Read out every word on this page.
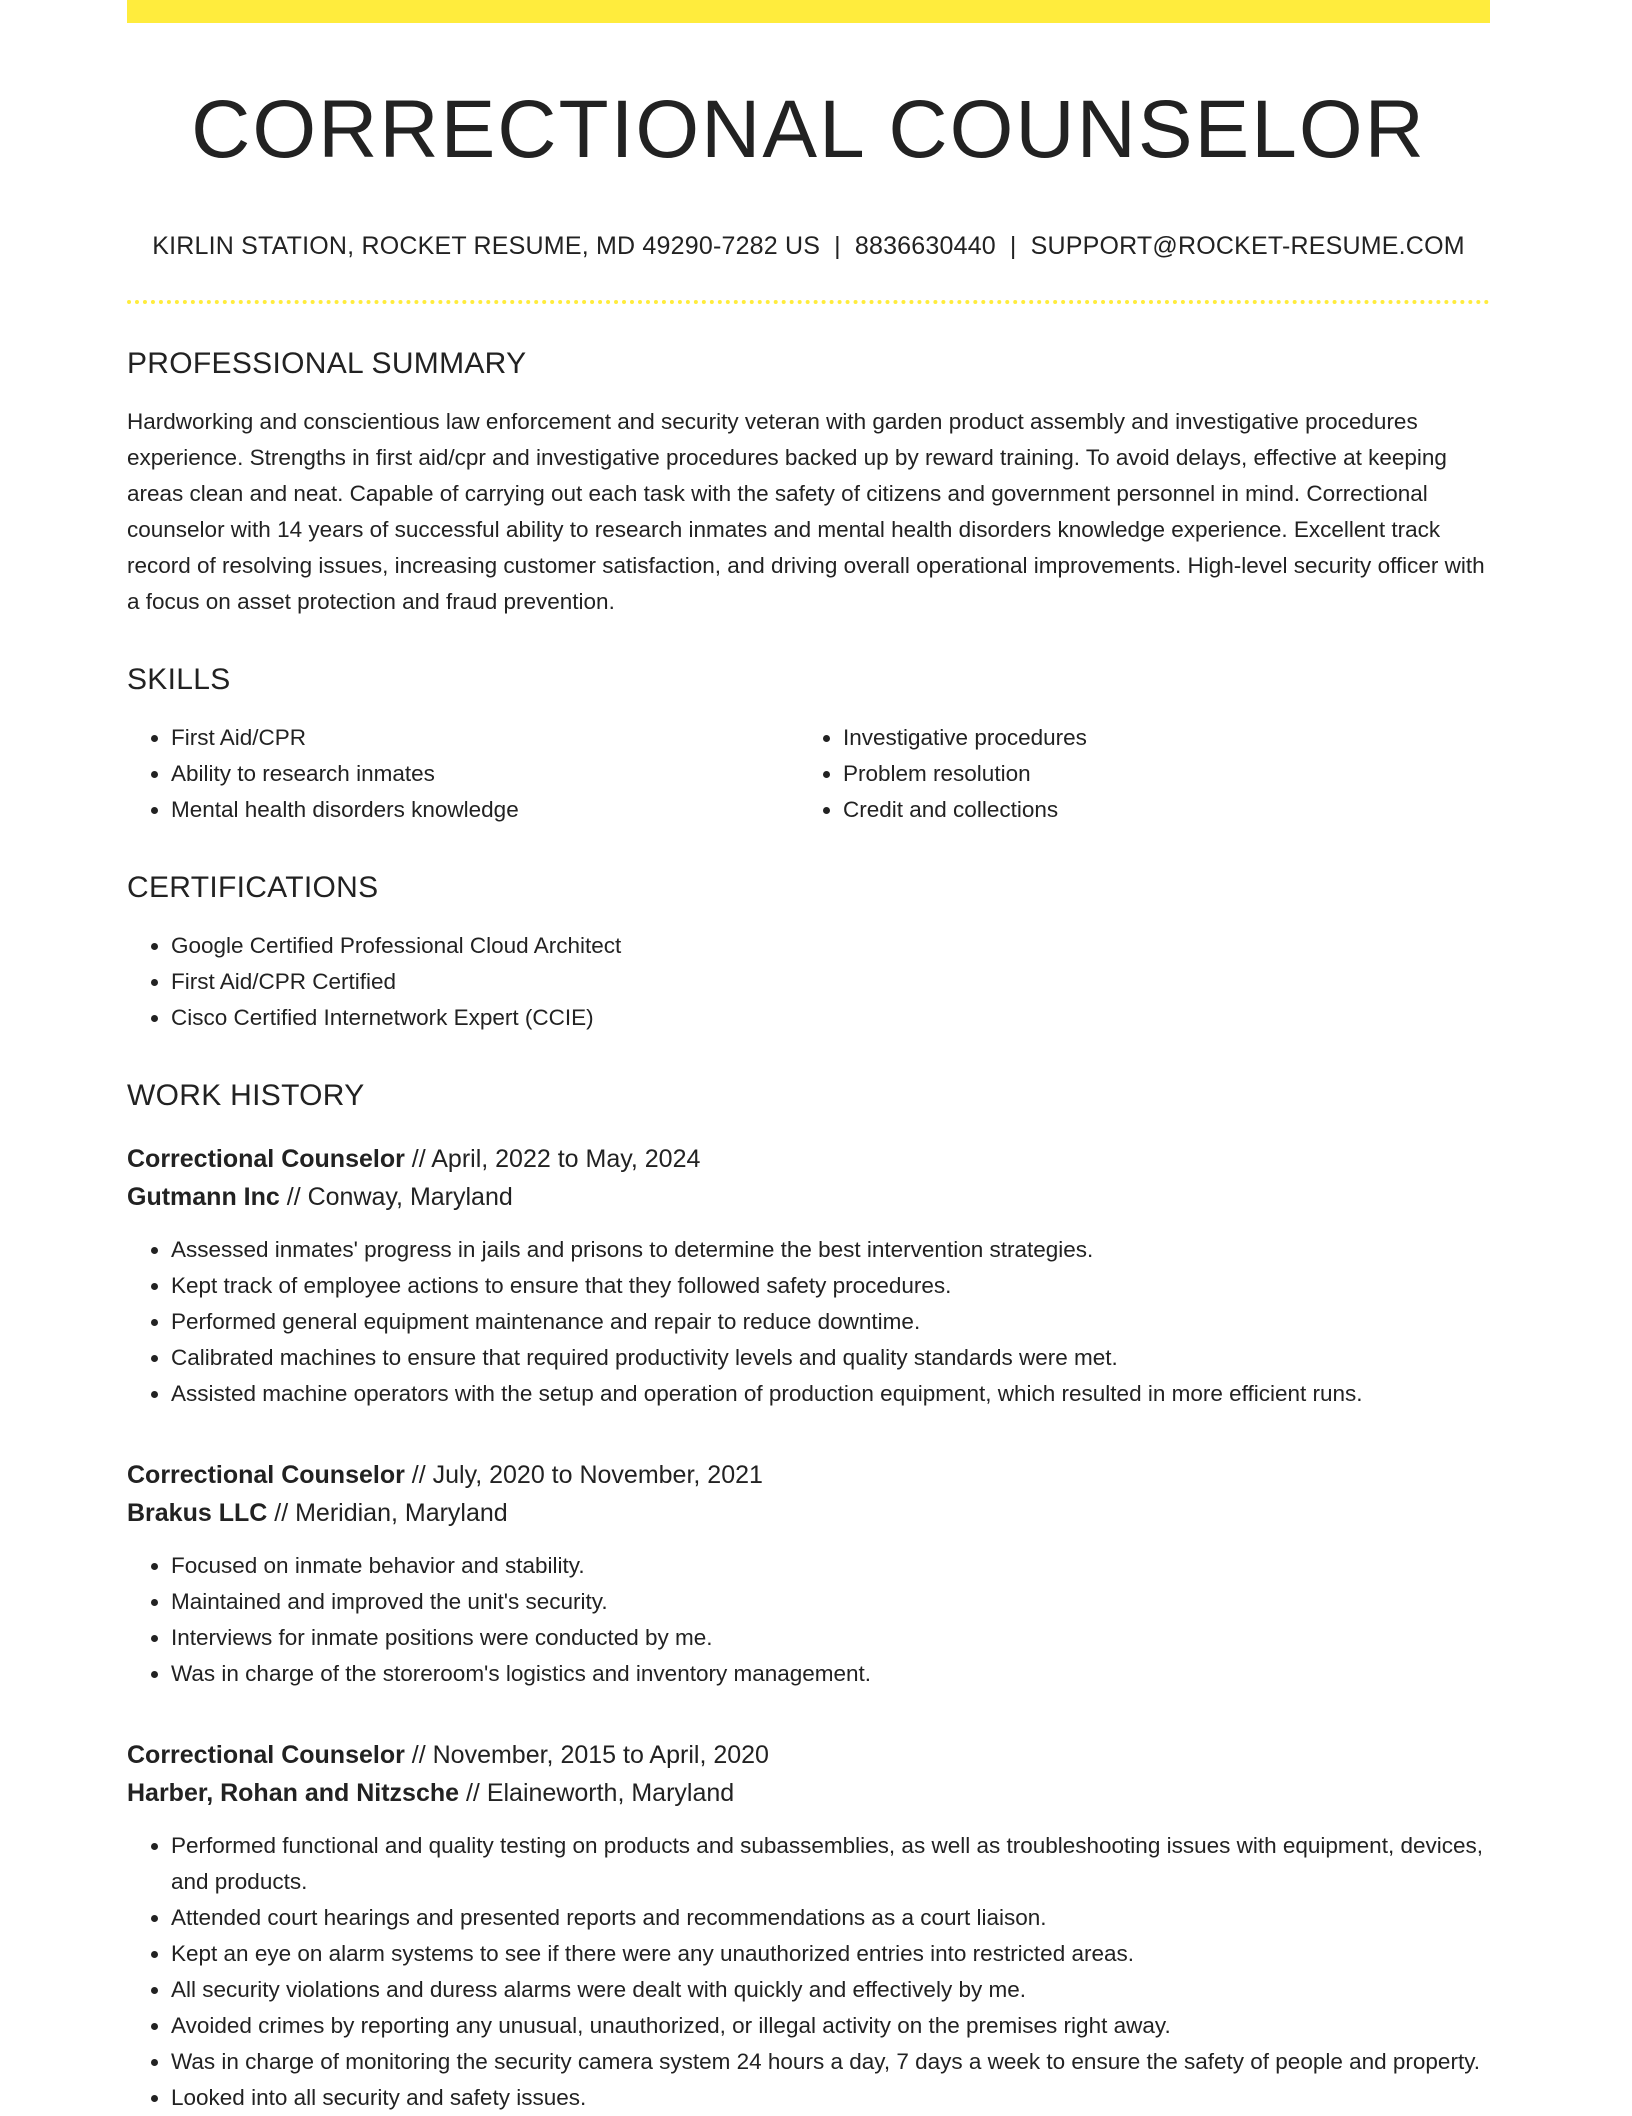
CORRECTIONAL COUNSELOR
KIRLIN STATION, ROCKET RESUME, MD 49290-7282 US | 8836630440 | SUPPORT@ROCKET-RESUME.COM
PROFESSIONAL SUMMARY

Hardworking and conscientious law enforcement and security veteran with garden product assembly and investigative procedures experience. Strengths in first aid/cpr and investigative procedures backed up by reward training. To avoid delays, effective at keeping areas clean and neat. Capable of carrying out each task with the safety of citizens and government personnel in mind. Correctional counselor with 14 years of successful ability to research inmates and mental health disorders knowledge experience. Excellent track record of resolving issues, increasing customer satisfaction, and driving overall operational improvements. High-level security officer with a focus on asset protection and fraud prevention.

SKILLS
• First Aid/CPR
• Ability to research inmates
• Mental health disorders knowledge
• Investigative procedures
• Problem resolution
• Credit and collections
CERTIFICATIONS
• Google Certified Professional Cloud Architect
• First Aid/CPR Certified
• Cisco Certified Internetwork Expert (CCIE)
WORK HISTORY
Correctional Counselor // April, 2022 to May, 2024
Gutmann Inc // Conway, Maryland
• Assessed inmates' progress in jails and prisons to determine the best intervention strategies.
• Kept track of employee actions to ensure that they followed safety procedures.
• Performed general equipment maintenance and repair to reduce downtime.
• Calibrated machines to ensure that required productivity levels and quality standards were met.
• Assisted machine operators with the setup and operation of production equipment, which resulted in more efficient runs.
Correctional Counselor // July, 2020 to November, 2021
Brakus LLC // Meridian, Maryland
• Focused on inmate behavior and stability.
• Maintained and improved the unit's security.
• Interviews for inmate positions were conducted by me.
• Was in charge of the storeroom's logistics and inventory management.
Correctional Counselor // November, 2015 to April, 2020
Harber, Rohan and Nitzsche // Elaineworth, Maryland
• Performed functional and quality testing on products and subassemblies, as well as troubleshooting issues with equipment, devices, and products.
• Attended court hearings and presented reports and recommendations as a court liaison.
• Kept an eye on alarm systems to see if there were any unauthorized entries into restricted areas.
• All security violations and duress alarms were dealt with quickly and effectively by me.
• Avoided crimes by reporting any unusual, unauthorized, or illegal activity on the premises right away.
• Was in charge of monitoring the security camera system 24 hours a day, 7 days a week to ensure the safety of people and property.
• Looked into all security and safety issues.
